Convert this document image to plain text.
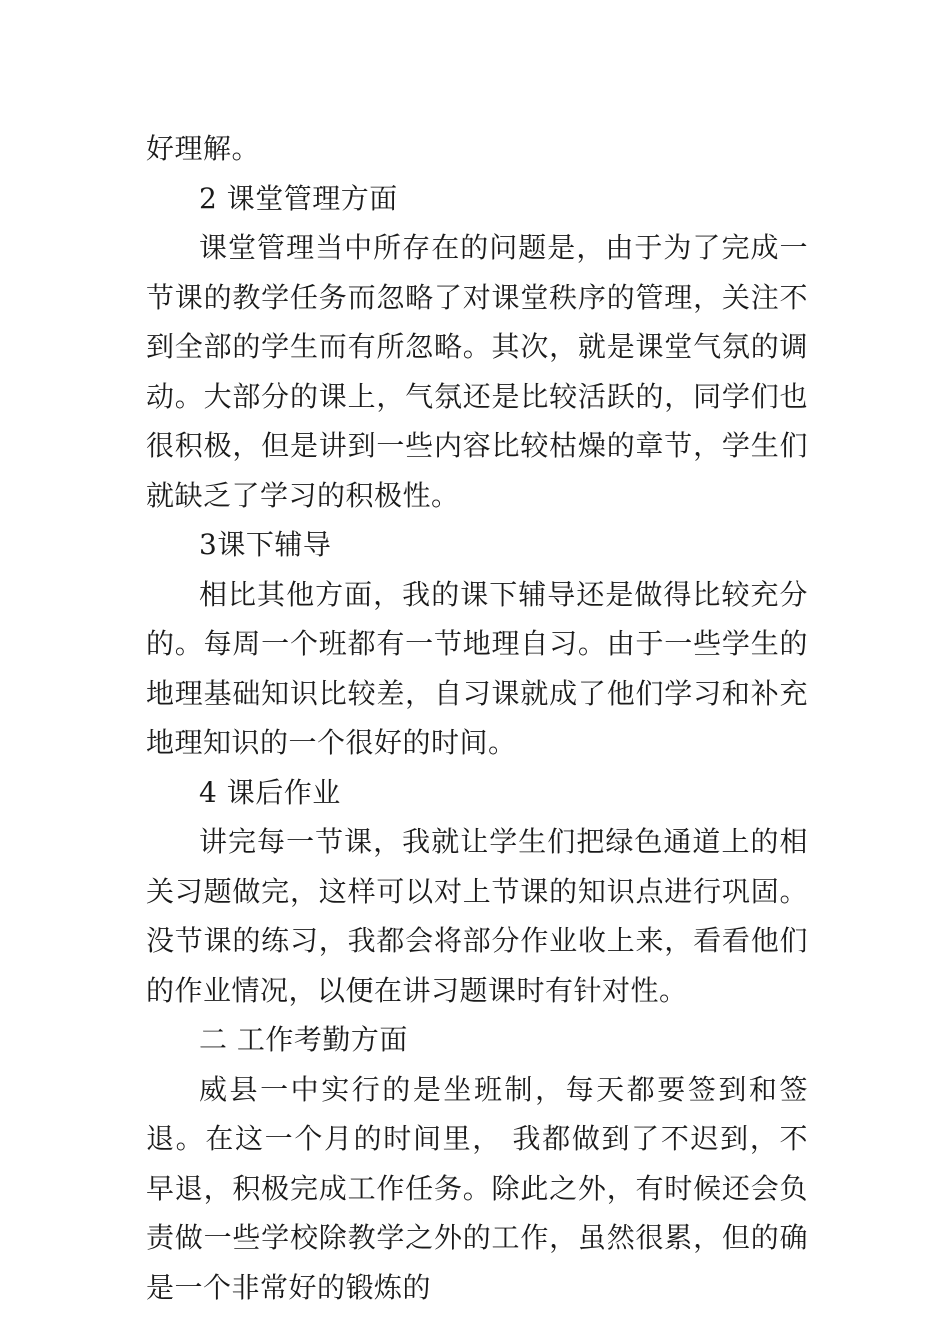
好理解。

2 课堂管理方面

课堂管理当中所存在的问题是，由于为了完成一节课的教学任务而忽略了对课堂秩序的管理，关注不到全部的学生而有所忽略。其次，就是课堂气氛的调动。大部分的课上，气氛还是比较活跃的，同学们也很积极，但是讲到一些内容比较枯燥的章节，学生们就缺乏了学习的积极性。

3课下辅导

相比其他方面，我的课下辅导还是做得比较充分的。每周一个班都有一节地理自习。由于一些学生的地理基础知识比较差，自习课就成了他们学习和补充地理知识的一个很好的时间。

4 课后作业

讲完每一节课，我就让学生们把绿色通道上的相关习题做完，这样可以对上节课的知识点进行巩固。没节课的练习，我都会将部分作业收上来，看看他们的作业情况，以便在讲习题课时有针对性。

二 工作考勤方面

威县一中实行的是坐班制，每天都要签到和签退。在这一个月的时间里， 我都做到了不迟到，不早退，积极完成工作任务。除此之外，有时候还会负责做一些学校除教学之外的工作，虽然很累，但的确是一个非常好的锻炼的
